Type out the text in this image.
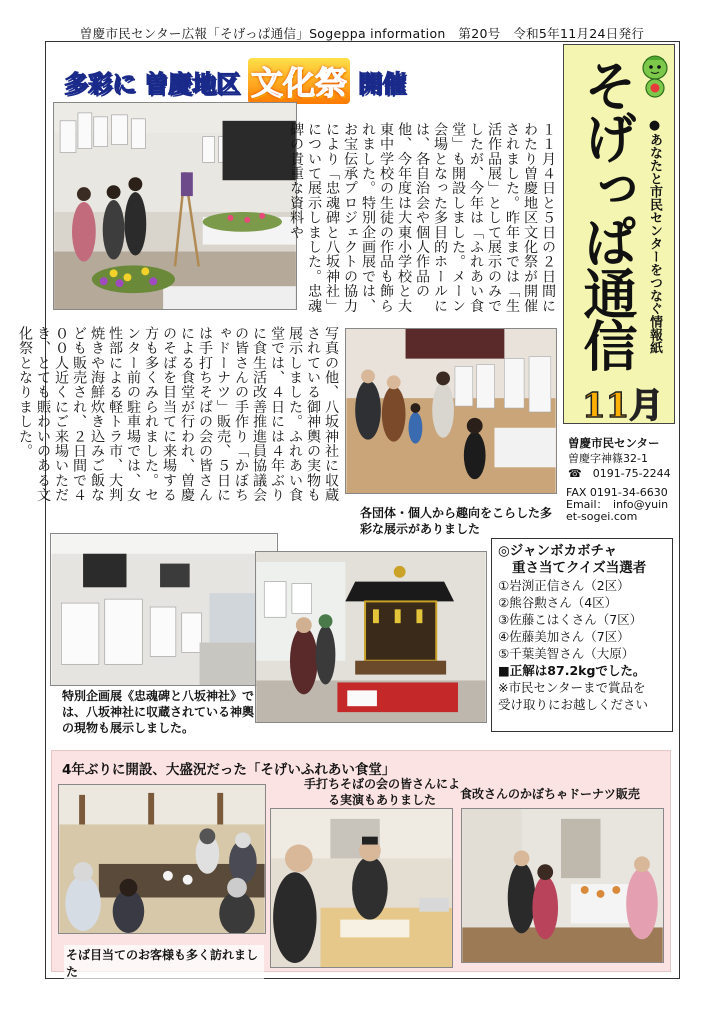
曽慶市民センター広報「そげっぱ通信」Sogeppa information　第20号　令和5年11月24日発行
多彩に 曽慶地区 文化祭 開催	そげっぱ通信 ●あなたと市民センターをつなぐ情報紙
11月
曽慶市民センター
曽慶字神篠32-1
☎　0191-75-2244
FAX 0191-34-6630
Email：　info@yuin
et-sogei.com
各団体・個人から趣向をこらした多彩な展示がありました
特別企画展《忠魂碑と八坂神社》では、八坂神社に収蔵されている神輿の現物も展示しました。
１１月４日と５日の２日間にわたり曽慶地区文化祭が開催されました。昨年までは「生活作品展」として展示のみでしたが、今年は「ふれあい食堂」も開設しました。メーン会場となった多目的ホールには、各自治会や個人作品の他、今年度は大東小学校と大東中学校の生徒の作品も飾られました。特別企画展では、お宝伝承プロジェクトの協力により「忠魂碑と八坂神社」について展示しました。忠魂碑の貴重な資料や
写真の他、八坂神社に収蔵されている御神輿の実物も展示しました。ふれあい食堂では、４日には４年ぶりに食生活改善推進員協議会の皆さんの手作り「かぼちゃドーナツ」販売、５日には手打ちそばの会の皆さんによる食堂が行われ、曽慶のそばを目当てに来場する方も多くみられました。センター前の駐車場では、女性部による軽トラ市、大判焼きや海鮮炊き込みご飯なども販売され、２日間で４００人近くにご来場いただき、とても賑わいのある文化祭となりました。
◎ジャンボカボチャ
重さ当てクイズ当選者
①岩渕正信さん（2区）
②熊谷勲さん（4区）
③佐藤こはくさん（7区）
④佐藤美加さん（7区）
⑤千葉美智さん（大原）
■正解は87.2kgでした。
※市民センターまで賞品を
受け取りにお越しください
4年ぶりに開設、大盛況だった「そげいふれあい食堂」
手打ちそばの会の皆さんによる実演もありました	食改さんのかぼちゃドーナツ販売
そば目当てのお客様も多く訪れました
